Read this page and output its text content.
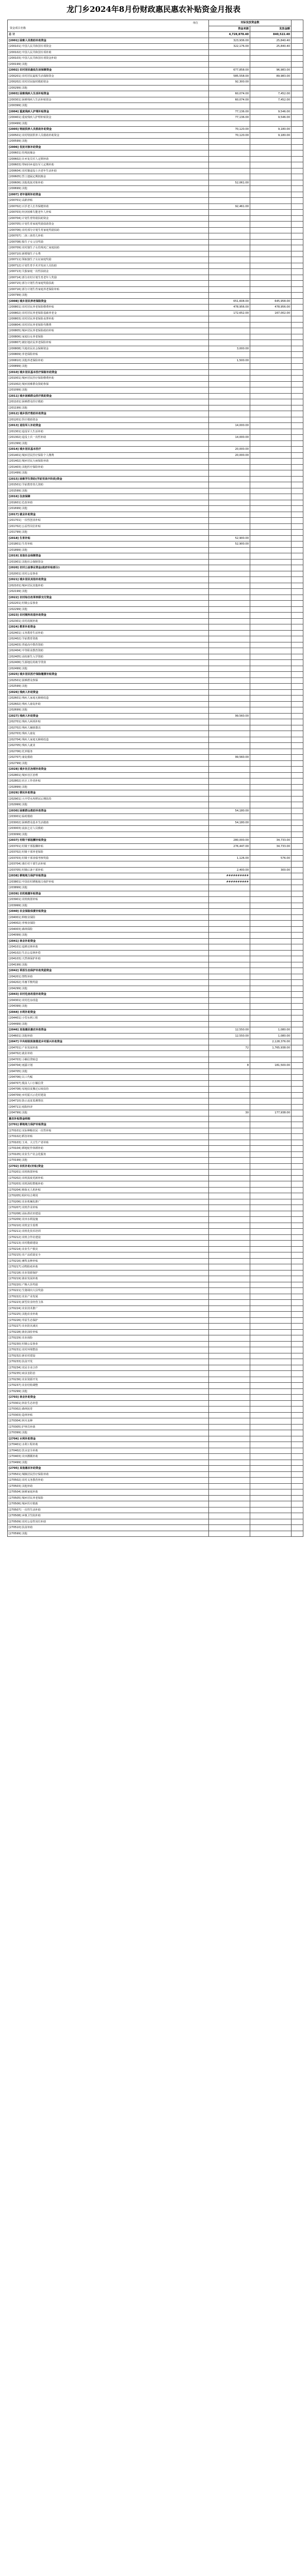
龙门乡2024年8月份财政惠民惠农补贴资金月报表
单位
资金项目名称	实际发放资金数		
	资金来源	发放金额	
总 计	4,728,878.40	840,522.40	
[2001] 困难人员救助补助资金	323,936.00	25,840.40	
[200101] 中国人民共和国专项资金	322,176.00	25,840.40	
[200102] 中国人民共和国专项补助			
[200103] 中国人民共和国专项资金补助			
[200199] 其他			
[2002] 农村居民最低生活保障资金	677,858.00	96,983.00	
[200201] 农村居民最低生活保障资金	585,558.00	89,983.00	
[200202] 农村居民临时救助资金	92,300.00		
[200299] 其他			
[2003] 困难残疾人生活补贴资金	60,074.00	7,452.00	
[200301] 困难残疾人生活补贴资金	60,074.00	7,452.00	
[200399] 其他			
[2004] 重度残疾人护理补贴资金	77,136.00	9,546.00	
[200401] 重度残疾人护理补贴资金	77,136.00	9,546.00	
[200499] 其他			
[2005] 特困供养人员救助补助资金	70,120.00	9,180.00	
[200501] 农村特困供养人员救助补助资金	70,120.00	9,180.00	
[200599] 其他			
[2006] 优抚对象补助资金			
[200601] 伤残抚恤金			
[200602] 在乡复员军人定期补助			
[200603] 带病回乡退伍军人定期补助			
[200604] 农村籍退役士兵老年生活补助			
[200605] 烈士遗属定期抚恤金			
[200606] 其他优抚对象补助	52,061.00		
[200699] 其他			
[2007] 老年福利补助资金			
[200701] 高龄津贴			
[200702] 百岁老人长寿保健补助	92,461.00		
[200703] 经济困难失能老年人补贴			
[200704] 计划生育特别扶助资金			
[200705] 计划生育家庭奖励扶助资金			
[200706] 农村部分计划生育家庭奖励扶助			
[200707] 二孩三孩育儿补贴			
[200708] 独生子女父母奖励			
[200709] 农村独生子女伤残死亡家庭扶助			
[200710] 新增独生子女费			
[200711] 领取独生子女证家庭奖励			
[200712] 计划生育手术并发症人员扶助			
[200713] 失独家庭一次性扶助金			
[200714] 部分农村计划生育老年人奖励			
[200715] 部分计划生育家庭奖励扶助			
[200716] 部分计划生育家庭养老保险补贴			
[200799] 其他			
[2008] 城乡居民养老保险资金	651,608.00	645,958.00	
[200801] 农村居民养老保险缴费补贴	478,956.00	478,956.00	
[200802] 农村居民养老保险基础养老金	172,652.00	167,002.00	
[200803] 农村居民养老保险丧葬补助			
[200804] 农村居民养老保险代缴费			
[200805] 城乡居民养老保险政府补贴			
[200806] 家庭妇女养老保险			
[200807] 被征地农民养老保险补贴			
[200808] 失地农民社会保障资金	3,000.00		
[200809] 养老保险补贴			
[200810] 其他养老保险补助	1,500.00		
[200899] 其他			
[2010] 城乡居民基本医疗保险补助资金			
[201001] 城乡居民医疗保险缴费补助			
[201002] 城乡困难群众资助参保			
[201099] 其他			
[2011] 城乡困难群众医疗救助资金			
[201101] 困难群众医疗救助			
[201199] 其他			
[2012] 城乡医疗救助补助资金			
[201201] 医疗救助资金			
[2013] 退役军人补助资金	14,000.00		
[201301] 退役军人生活补助			
[201302] 退役士兵一次性补助	14,000.00		
[201399] 其他			
[2014] 城乡居民基本医疗	20,000.00		
[201401] 城乡居民医疗保险个人缴费	20,000.00		
[201402] 城乡居民大病保险补助			
[201403] 其他医疗保险补助			
[201499] 其他			
[2015] 困难学生资助(学前至高中阶段)资金			
[201501] 学前教育幼儿资助			
[201599] 其他			
[2016] 住房保障			
[201601] 危改补助			
[201699] 其他			
[2017] 就业补助资金			
[201701] 一次性创业补贴			
[201702] 公益性岗位补贴			
[201799] 其他			
[2018] 生育补贴	52,900.00		
[201801] 生育补贴	52,900.00		
[201899] 其他			
[2019] 其他社会保障资金			
[201901] 其他社会保障资金			
[2020] 农村公益事业资金(政府补贴部分)			
[202001] 农村公益事业			
[2021] 城乡居民其他补助资金			
[202101] 城乡居民其他补助			
[202199] 其他			
[2022] 农村综合改革转移支付资金			
[202201] 村级公益事业			
[202299] 其他			
[2023] 农村厕所改造补助资金			
[202301] 农村改厕补助			
[2024] 教育补助资金			
[202401] 义务教育生活补助			
[202402] 学前教育资助			
[202403] 普通高中教育资助			
[202404] 中等职业教育资助			
[202405] 高校新生入学资助			
[202406] 生源地信用助学贷款			
[202499] 其他			
[2025] 城乡居民医疗保险缴费补贴资金			
[202501] 困难群众参保			
[202599] 其他			
[2026] 残疾人补助资金			
[202601] 残疾人家庭无障碍改造			
[202602] 残疾人康复补助			
[202699] 其他			
[2027] 残疾人补助资金	99,560.00		
[202701] 残疾人两项补贴			
[202702] 残疾人辅助器具			
[202703] 残疾人康复			
[202704] 残疾人家庭无障碍改造			
[202705] 残疾人就业			
[202706] 托养服务			
[202707] 康复救助	99,560.00		
[202799] 其他			
[2028] 城乡社区治理补助资金			
[202801] 城乡社区治理			
[202802] 社区工作者补贴			
[202899] 其他			
[2029] 移民补助资金			
[202901] 大中型水库移民后期扶持			
[202999] 其他			
[2030] 困难群众救助补助资金	54,180.00		
[203001] 临时救助			
[203002] 困难群众基本生活救助	54,180.00		
[203003] 流浪乞讨人员救助			
[203099] 其他			
[2037] 村级干部报酬补贴资金	280,000.00	34,733.00	
[203701] 村级干部报酬补贴	276,447.00	34,733.00	
[203702] 村级干部养老保险			
[203703] 村级干部业绩考核奖励	1,126.00	576.00	
[203704] 离任村干部生活补贴			
[203705] 村级后备干部补贴	2,400.00	300.00	
[2038] 耕地地力保护补贴资金	##########		
[203801] 中国农村耕地地力保护补贴	##########		
[203899] 其他			
[2039] 农机购置补贴资金			
[203901] 农机购置补贴			
[203999] 其他			
[2040] 农业保险保费补贴资金			
[204001] 种植业保险			
[204002] 养殖业保险			
[204003] 森林保险			
[204099] 其他			
[2041] 林业补助资金			
[204101] 退耕还林补助			
[204102] 生态公益林补偿			
[204103] 天然林保护补助			
[204199] 其他			
[2042] 草原生态保护补助奖励资金			
[204201] 禁牧补助			
[204202] 草畜平衡奖励			
[204299] 其他			
[2043] 农村危房改造补助资金			
[204301] 农村危房改造			
[204399] 其他			
[2044] 水利补助资金			
[204401] 小型水利工程			
[204499] 其他			
[2046] 其他惠民惠农补助资金	12,550.00	1,080.00	
[204601] 其他补助	12,550.00	1,080.00	
[2047] 中央财政衔接推进乡村振兴补助资金		2,128,376.00	
[204701] 产业发展补助	72	1,765,938.00	
[204702] 就业补助			
[204703] 小额信贷贴息			
[204704] 雨露计划	8	181,500.00	
[204705] 其他			
[204706] 以工代赈			
[204707] 脱贫人口小额信贷			
[204708] 易地扶贫搬迁后续扶持			
[204709] 乡村振兴示范村建设			
[204710] 防止返贫监测帮扶			
[204711] 庭院经济			
[204799] 其他	30	177,938.00	
惠农补贴资金明细			
[2701] 耕地地力保护补贴资金			
[270101] 实际种粮农民一次性补贴			
[270102] 稻谷补贴			
[270103] 玉米、大豆生产者补贴			
[270104] 耕地轮作休耕补助			
[270105] 农业生产社会化服务			
[270199] 其他			
[2702] 农机补助(补贴)资金			
[270201] 农机购置补贴			
[270202] 农机报废更新补贴			
[270203] 农机深松整地补助			
[270204] 植保无人机补贴			
[270205] 秸秆综合利用			
[270206] 农业机械化推广			
[270207] 农机作业补贴			
[270208] 高标准农田建设			
[270209] 农田水利设施			
[270210] 农机安全监理			
[270211] 农机化技术培训			
[270212] 农机合作社建设			
[270213] 农村能源建设			
[270214] 农业生产救灾			
[270215] 农产品质量安全			
[270216] 畜牧良种补贴			
[270217] 动物防疫补助			
[270218] 农业资源保护			
[270219] 渔业发展补助			
[270220] 产粮大县奖励			
[270221] 生猪调出大县奖励			
[270222] 农业产业发展			
[270223] 新型农业经营主体			
[270224] 农业技术推广			
[270225] 其他农业补助			
[270226] 草原生态保护			
[270227] 农业防灾减灾			
[270228] 渔业油价补贴			
[270229] 农业保险			
[270230] 村级公益事业			
[270231] 农村环境整治			
[270232] 新农村建设			
[270233] 扶贫开发			
[270234] 农民专业合作			
[270235] 病虫害防治			
[270236] 农业资源开发			
[270237] 农业结构调整			
[270299] 其他			
[2703] 林业补助资金			
[270301] 林业生态补偿			
[270302] 森林抚育			
[270303] 造林补贴			
[270304] 林木良种			
[270305] 护林员补助			
[270399] 其他			
[2704] 水利补助资金			
[270401] 水利工程补助			
[270402] 饮水安全补助			
[270403] 农田灌溉补助			
[270499] 其他			
[2705] 其他惠农补助资金			
[270501] 城镇居民医疗保险补助			
[270502] 农村义务教育补助			
[270503] 其他补助			
[270504] 困难家庭补助			
[270505] 城乡居民养老保险			
[270506] 城乡医疗救助			
[270507] 一次性生活补助			
[270508] 乡镇卫生院补助			
[270509] 农村公益性岗位补助			
[270510] 扶贫补助			
[270599] 其他			
